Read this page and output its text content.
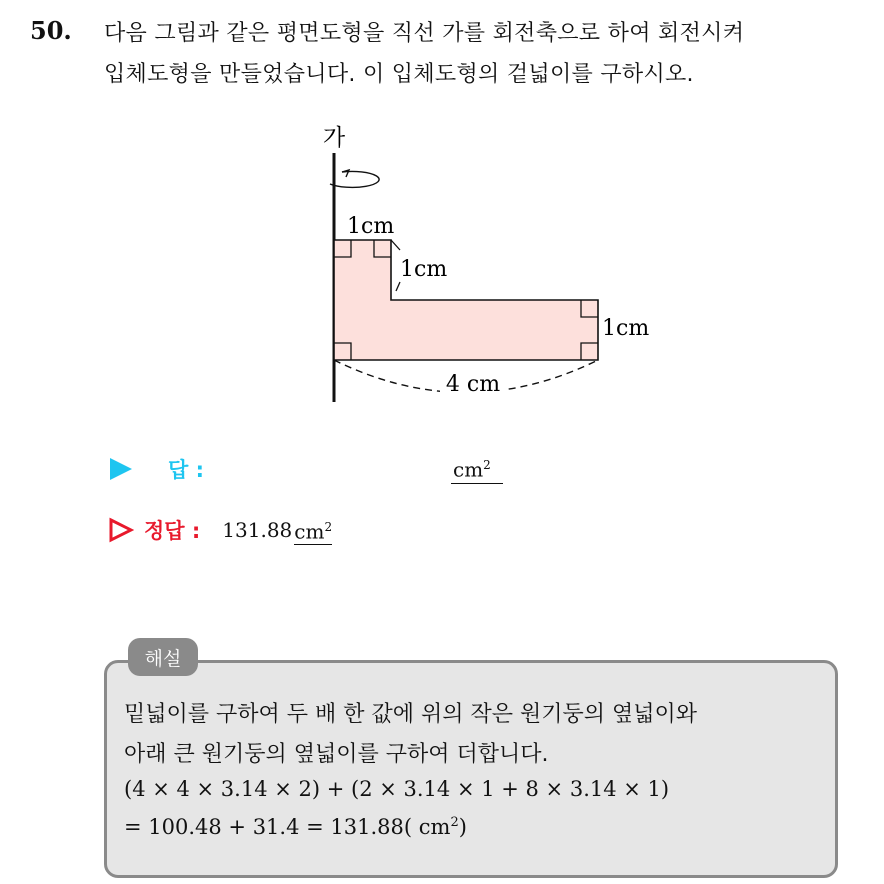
50. 다음 그림과 같은 평면도형을 직선 가를 회전축으로 하여 회전시켜
입체도형을 만들었습니다. 이 입체도형의 겉넓이를 구하시오.
가
1cm
1cm
1cm
4 cm
답 :	$cm^2$
정답 : 131.88 $cm^2$
해설
밑넓이를 구하여 두 배 한 값에 위의 작은 원기둥의 옆넓이와
아래 큰 원기둥의 옆넓이를 구하여 더합니다.
(4 × 4 × 3.14 × 2) + (2 × 3.14 × 1 + 8 × 3.14 × 1)
= 100.48 + 31.4 = 131.88( $cm^2$)
